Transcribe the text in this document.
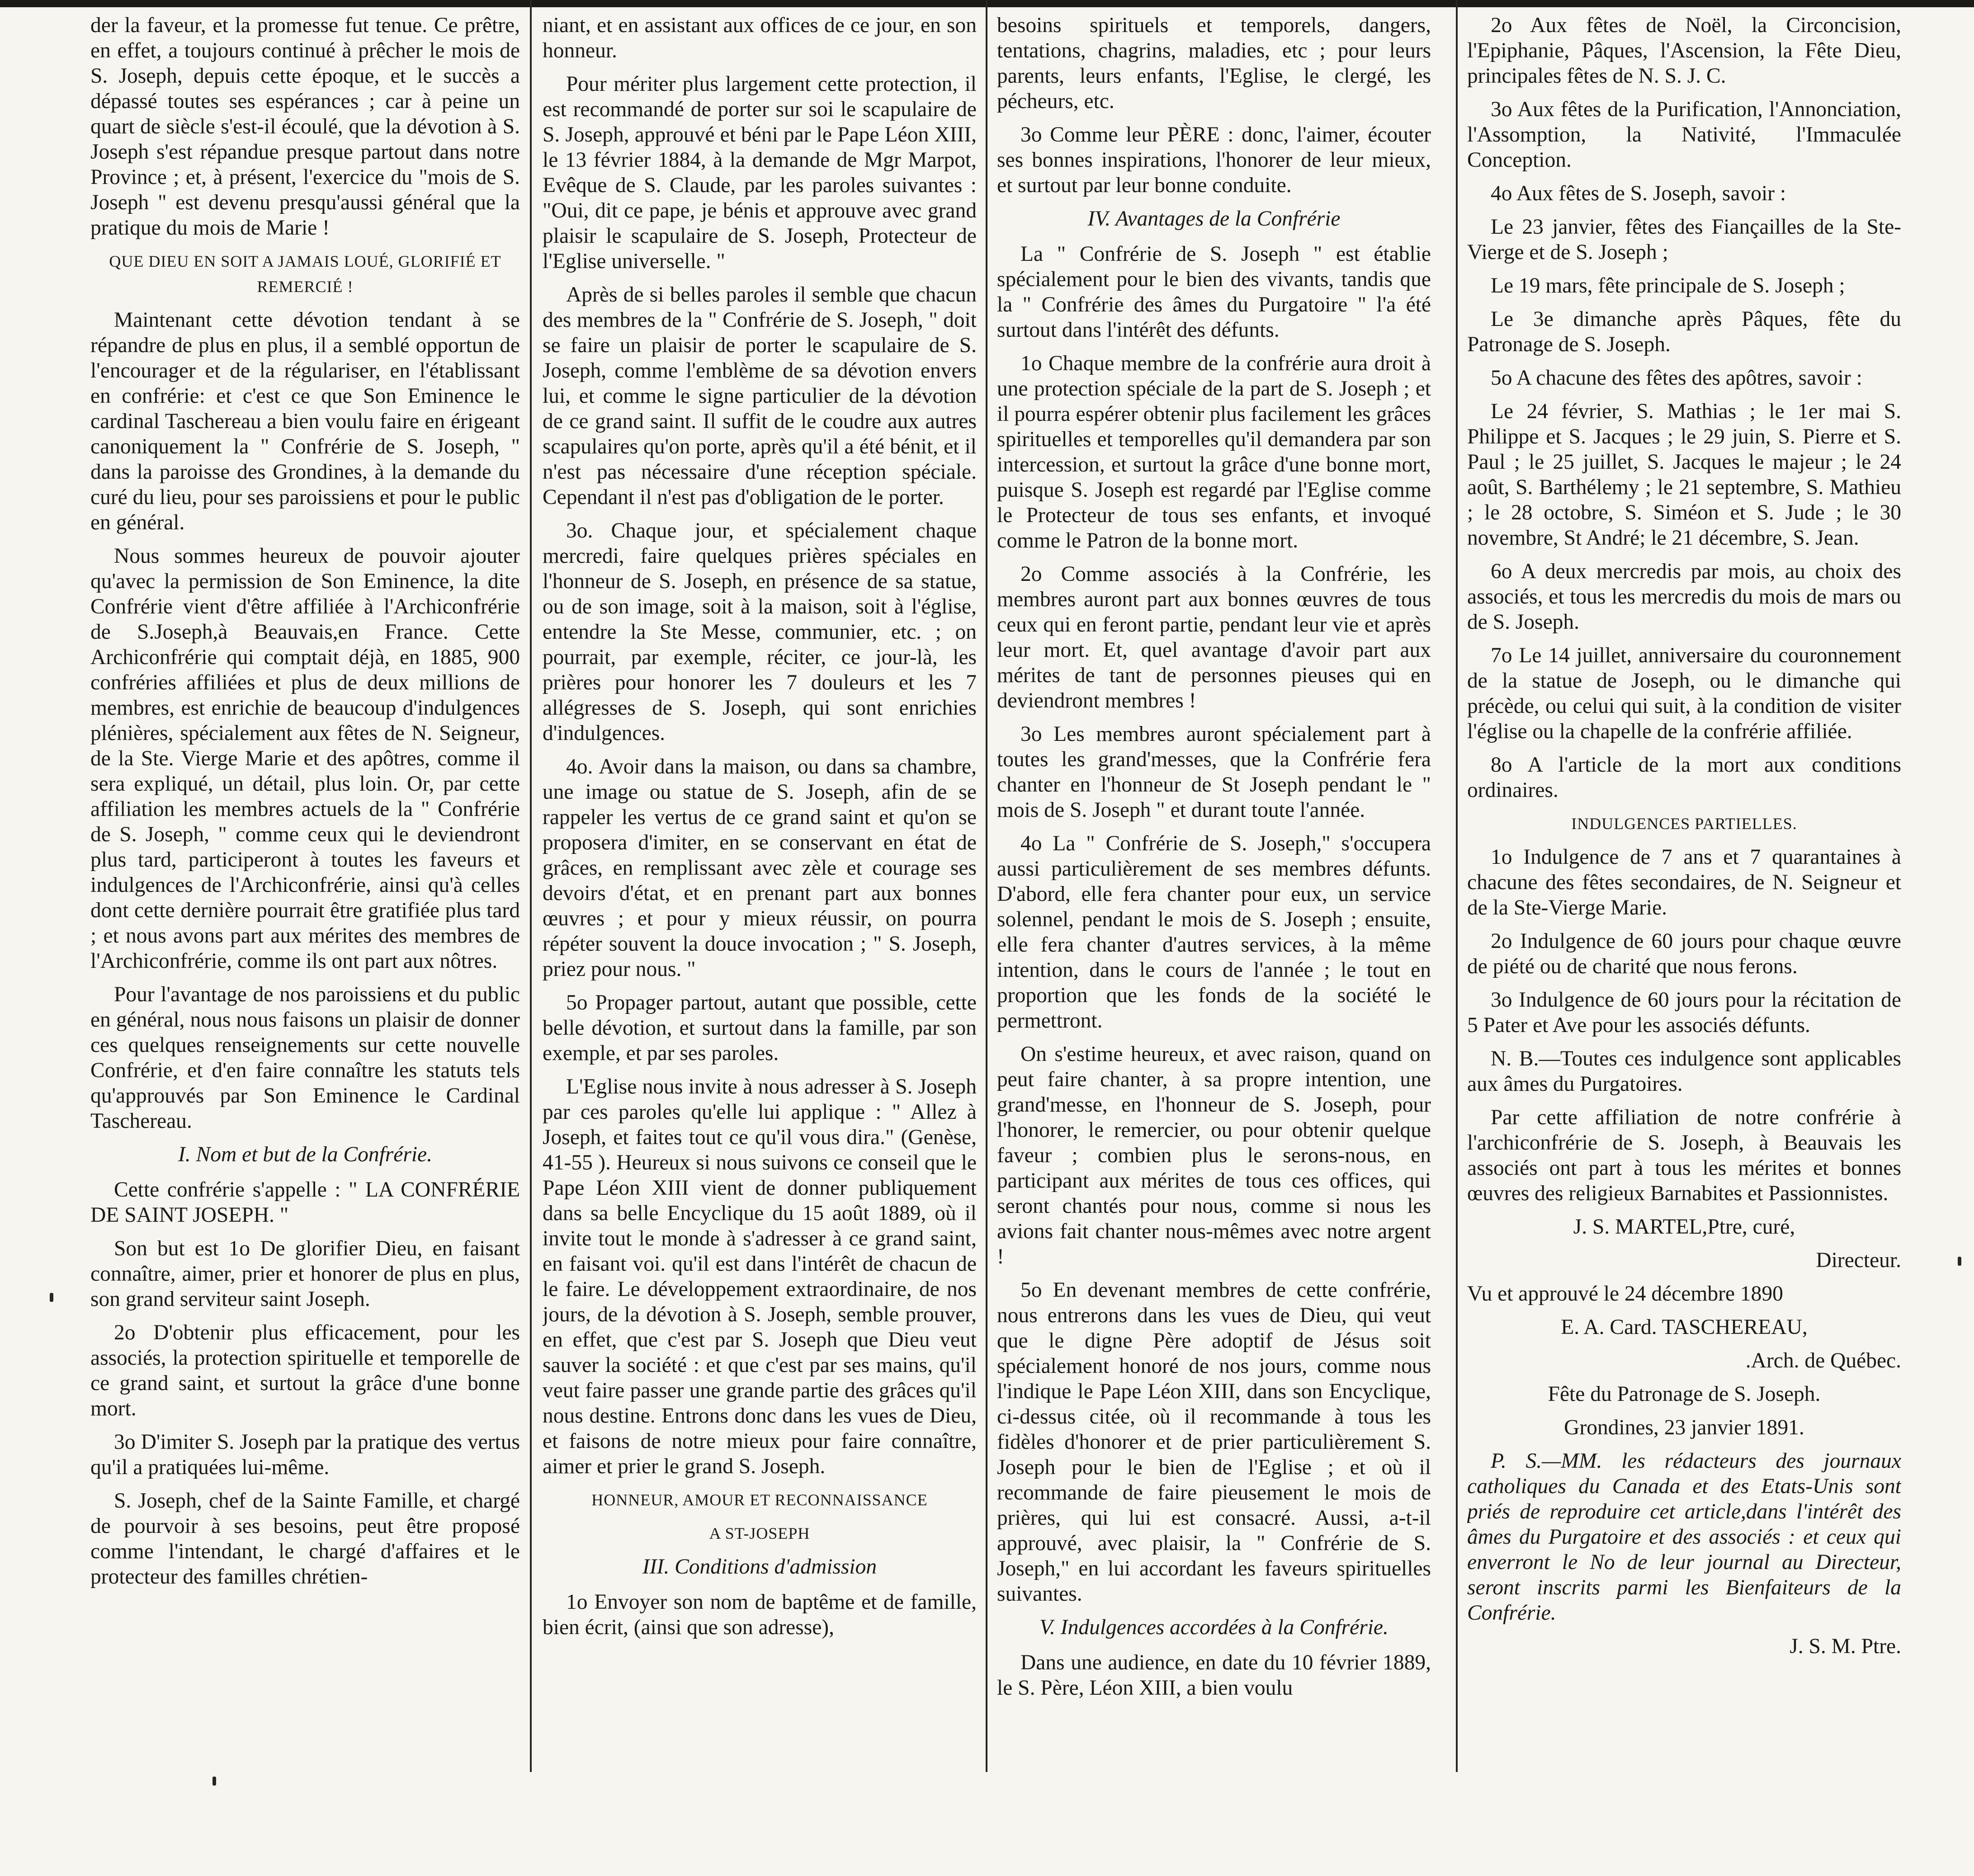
der la faveur, et la promesse fut tenue. Ce prêtre, en effet, a toujours continué à prêcher le mois de S. Joseph, depuis cette époque, et le succès a dépassé toutes ses espérances ; car à peine un quart de siècle s'est-il écoulé, que la dévotion à S. Joseph s'est répandue presque partout dans notre Province ; et, à présent, l'exercice du "mois de S. Joseph " est devenu presqu'aussi général que la pratique du mois de Marie !

QUE DIEU EN SOIT A JAMAIS LOUÉ, GLORIFIÉ ET REMERCIÉ !

Maintenant cette dévotion tendant à se répandre de plus en plus, il a semblé opportun de l'encourager et de la régulariser, en l'établissant en confrérie: et c'est ce que Son Eminence le cardinal Taschereau a bien voulu faire en érigeant canoniquement la " Confrérie de S. Joseph, " dans la paroisse des Grondines, à la demande du curé du lieu, pour ses paroissiens et pour le public en général.

Nous sommes heureux de pouvoir ajouter qu'avec la permission de Son Eminence, la dite Confrérie vient d'être affiliée à l'Archiconfrérie de S.Joseph,à Beauvais,en France. Cette Archiconfrérie qui comptait déjà, en 1885, 900 confréries affiliées et plus de deux millions de membres, est enrichie de beaucoup d'indulgences plénières, spécialement aux fêtes de N. Seigneur, de la Ste. Vierge Marie et des apôtres, comme il sera expliqué, un détail, plus loin. Or, par cette affiliation les membres actuels de la " Confrérie de S. Joseph, " comme ceux qui le deviendront plus tard, participeront à toutes les faveurs et indulgences de l'Archiconfrérie, ainsi qu'à celles dont cette dernière pourrait être gratifiée plus tard ; et nous avons part aux mérites des membres de l'Archiconfrérie, comme ils ont part aux nôtres.

Pour l'avantage de nos paroissiens et du public en général, nous nous faisons un plaisir de donner ces quelques renseignements sur cette nouvelle Confrérie, et d'en faire connaître les statuts tels qu'approuvés par Son Eminence le Cardinal Taschereau.

I. Nom et but de la Confrérie.

Cette confrérie s'appelle : " LA CONFRÉRIE DE SAINT JOSEPH. "

Son but est 1o De glorifier Dieu, en faisant connaître, aimer, prier et honorer de plus en plus, son grand serviteur saint Joseph.

2o D'obtenir plus efficacement, pour les associés, la protection spirituelle et temporelle de ce grand saint, et surtout la grâce d'une bonne mort.

3o D'imiter S. Joseph par la pratique des vertus qu'il a pratiquées lui-même.

S. Joseph, chef de la Sainte Famille, et chargé de pourvoir à ses besoins, peut être proposé comme l'intendant, le chargé d'affaires et le protecteur des familles chrétien-

niant, et en assistant aux offices de ce jour, en son honneur.

Pour mériter plus largement cette protection, il est recommandé de porter sur soi le scapulaire de S. Joseph, approuvé et béni par le Pape Léon XIII, le 13 février 1884, à la demande de Mgr Marpot, Evêque de S. Claude, par les paroles suivantes : "Oui, dit ce pape, je bénis et approuve avec grand plaisir le scapulaire de S. Joseph, Protecteur de l'Eglise universelle. "

Après de si belles paroles il semble que chacun des membres de la " Confrérie de S. Joseph, " doit se faire un plaisir de porter le scapulaire de S. Joseph, comme l'emblème de sa dévotion envers lui, et comme le signe particulier de la dévotion de ce grand saint. Il suffit de le coudre aux autres scapulaires qu'on porte, après qu'il a été bénit, et il n'est pas nécessaire d'une réception spéciale. Cependant il n'est pas d'obligation de le porter.

3o. Chaque jour, et spécialement chaque mercredi, faire quelques prières spéciales en l'honneur de S. Joseph, en présence de sa statue, ou de son image, soit à la maison, soit à l'église, entendre la Ste Messe, communier, etc. ; on pourrait, par exemple, réciter, ce jour-là, les prières pour honorer les 7 douleurs et les 7 allégresses de S. Joseph, qui sont enrichies d'indulgences.

4o. Avoir dans la maison, ou dans sa chambre, une image ou statue de S. Joseph, afin de se rappeler les vertus de ce grand saint et qu'on se proposera d'imiter, en se conservant en état de grâces, en remplissant avec zèle et courage ses devoirs d'état, et en prenant part aux bonnes œuvres ; et pour y mieux réussir, on pourra répéter souvent la douce invocation ; " S. Joseph, priez pour nous. "

5o Propager partout, autant que possible, cette belle dévotion, et surtout dans la famille, par son exemple, et par ses paroles.

L'Eglise nous invite à nous adresser à S. Joseph par ces paroles qu'elle lui applique : " Allez à Joseph, et faites tout ce qu'il vous dira." (Genèse, 41-55 ). Heureux si nous suivons ce conseil que le Pape Léon XIII vient de donner publiquement dans sa belle Encyclique du 15 août 1889, où il invite tout le monde à s'adresser à ce grand saint, en faisant voi. qu'il est dans l'intérêt de chacun de le faire. Le développement extraordinaire, de nos jours, de la dévotion à S. Joseph, semble prouver, en effet, que c'est par S. Joseph que Dieu veut sauver la société : et que c'est par ses mains, qu'il veut faire passer une grande partie des grâces qu'il nous destine. Entrons donc dans les vues de Dieu, et faisons de notre mieux pour faire connaître, aimer et prier le grand S. Joseph.

HONNEUR, AMOUR ET RECONNAISSANCE

A ST-JOSEPH

III. Conditions d'admission

1o Envoyer son nom de baptême et de famille, bien écrit, (ainsi que son adresse),

besoins spirituels et temporels, dangers, tentations, chagrins, maladies, etc ; pour leurs parents, leurs enfants, l'Eglise, le clergé, les pécheurs, etc.

3o Comme leur PÈRE : donc, l'aimer, écouter ses bonnes inspirations, l'honorer de leur mieux, et surtout par leur bonne conduite.

IV. Avantages de la Confrérie

La " Confrérie de S. Joseph " est établie spécialement pour le bien des vivants, tandis que la " Confrérie des âmes du Purgatoire " l'a été surtout dans l'intérêt des défunts.

1o Chaque membre de la confrérie aura droit à une protection spéciale de la part de S. Joseph ; et il pourra espérer obtenir plus facilement les grâces spirituelles et temporelles qu'il demandera par son intercession, et surtout la grâce d'une bonne mort, puisque S. Joseph est regardé par l'Eglise comme le Protecteur de tous ses enfants, et invoqué comme le Patron de la bonne mort.

2o Comme associés à la Confrérie, les membres auront part aux bonnes œuvres de tous ceux qui en feront partie, pendant leur vie et après leur mort. Et, quel avantage d'avoir part aux mérites de tant de personnes pieuses qui en deviendront membres !

3o Les membres auront spécialement part à toutes les grand'messes, que la Confrérie fera chanter en l'honneur de St Joseph pendant le " mois de S. Joseph " et durant toute l'année.

4o La " Confrérie de S. Joseph," s'occupera aussi particulièrement de ses membres défunts. D'abord, elle fera chanter pour eux, un service solennel, pendant le mois de S. Joseph ; ensuite, elle fera chanter d'autres services, à la même intention, dans le cours de l'année ; le tout en proportion que les fonds de la société le permettront.

On s'estime heureux, et avec raison, quand on peut faire chanter, à sa propre intention, une grand'messe, en l'honneur de S. Joseph, pour l'honorer, le remercier, ou pour obtenir quelque faveur ; combien plus le serons-nous, en participant aux mérites de tous ces offices, qui seront chantés pour nous, comme si nous les avions fait chanter nous-mêmes avec notre argent !

5o En devenant membres de cette confrérie, nous entrerons dans les vues de Dieu, qui veut que le digne Père adoptif de Jésus soit spécialement honoré de nos jours, comme nous l'indique le Pape Léon XIII, dans son Encyclique, ci-dessus citée, où il recommande à tous les fidèles d'honorer et de prier particulièrement S. Joseph pour le bien de l'Eglise ; et où il recommande de faire pieusement le mois de prières, qui lui est consacré. Aussi, a-t-il approuvé, avec plaisir, la " Confrérie de S. Joseph," en lui accordant les faveurs spirituelles suivantes.

V. Indulgences accordées à la Confrérie.

Dans une audience, en date du 10 février 1889, le S. Père, Léon XIII, a bien voulu

2o Aux fêtes de Noël, la Circoncision, l'Epiphanie, Pâques, l'Ascension, la Fête Dieu, principales fêtes de N. S. J. C.

3o Aux fêtes de la Purification, l'Annonciation, l'Assomption, la Nativité, l'Immaculée Conception.

4o Aux fêtes de S. Joseph, savoir :

Le 23 janvier, fêtes des Fiançailles de la Ste-Vierge et de S. Joseph ;

Le 19 mars, fête principale de S. Joseph ;

Le 3e dimanche après Pâques, fête du Patronage de S. Joseph.

5o A chacune des fêtes des apôtres, savoir :

Le 24 février, S. Mathias ; le 1er mai S. Philippe et S. Jacques ; le 29 juin, S. Pierre et S. Paul ; le 25 juillet, S. Jacques le majeur ; le 24 août, S. Barthélemy ; le 21 septembre, S. Mathieu ; le 28 octobre, S. Siméon et S. Jude ; le 30 novembre, St André; le 21 décembre, S. Jean.

6o A deux mercredis par mois, au choix des associés, et tous les mercredis du mois de mars ou de S. Joseph.

7o Le 14 juillet, anniversaire du couronnement de la statue de Joseph, ou le dimanche qui précède, ou celui qui suit, à la condition de visiter l'église ou la chapelle de la confrérie affiliée.

8o A l'article de la mort aux conditions ordinaires.

INDULGENCES PARTIELLES.

1o Indulgence de 7 ans et 7 quarantaines à chacune des fêtes secondaires, de N. Seigneur et de la Ste-Vierge Marie.

2o Indulgence de 60 jours pour chaque œuvre de piété ou de charité que nous ferons.

3o Indulgence de 60 jours pour la récitation de 5 Pater et Ave pour les associés défunts.

N. B.—Toutes ces indulgence sont applicables aux âmes du Purgatoires.

Par cette affiliation de notre confrérie à l'archiconfrérie de S. Joseph, à Beauvais les associés ont part à tous les mérites et bonnes œuvres des religieux Barnabites et Passionnistes.

J. S. MARTEL,Ptre, curé,

Directeur.

Vu et approuvé le 24 décembre 1890

E. A. Card. TASCHEREAU,

.Arch. de Québec.

Fête du Patronage de S. Joseph.

Grondines, 23 janvier 1891.

P. S.—MM. les rédacteurs des journaux catholiques du Canada et des Etats-Unis sont priés de reproduire cet article,dans l'intérêt des âmes du Purgatoire et des associés : et ceux qui enverront le No de leur journal au Directeur, seront inscrits parmi les Bienfaiteurs de la Confrérie.

J. S. M. Ptre.
